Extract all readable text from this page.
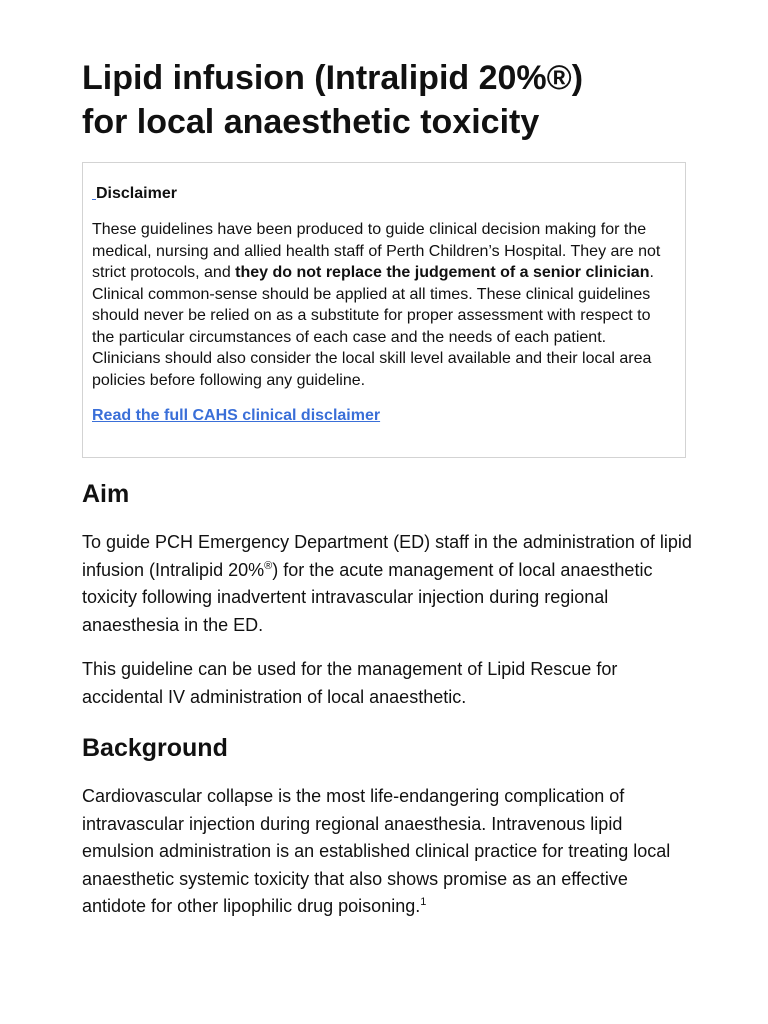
Lipid infusion (Intralipid 20%®)
for local anaesthetic toxicity
Disclaimer

These guidelines have been produced to guide clinical decision making for the medical, nursing and allied health staff of Perth Children’s Hospital. They are not strict protocols, and they do not replace the judgement of a senior clinician. Clinical common-sense should be applied at all times. These clinical guidelines should never be relied on as a substitute for proper assessment with respect to the particular circumstances of each case and the needs of each patient. Clinicians should also consider the local skill level available and their local area policies before following any guideline.

Read the full CAHS clinical disclaimer
Aim

To guide PCH Emergency Department (ED) staff in the administration of lipid infusion (Intralipid 20%®) for the acute management of local anaesthetic toxicity following inadvertent intravascular injection during regional anaesthesia in the ED.

This guideline can be used for the management of Lipid Rescue for accidental IV administration of local anaesthetic.

Background

Cardiovascular collapse is the most life-endangering complication of intravascular injection during regional anaesthesia. Intravenous lipid emulsion administration is an established clinical practice for treating local anaesthetic systemic toxicity that also shows promise as an effective antidote for other lipophilic drug poisoning.$^1$
